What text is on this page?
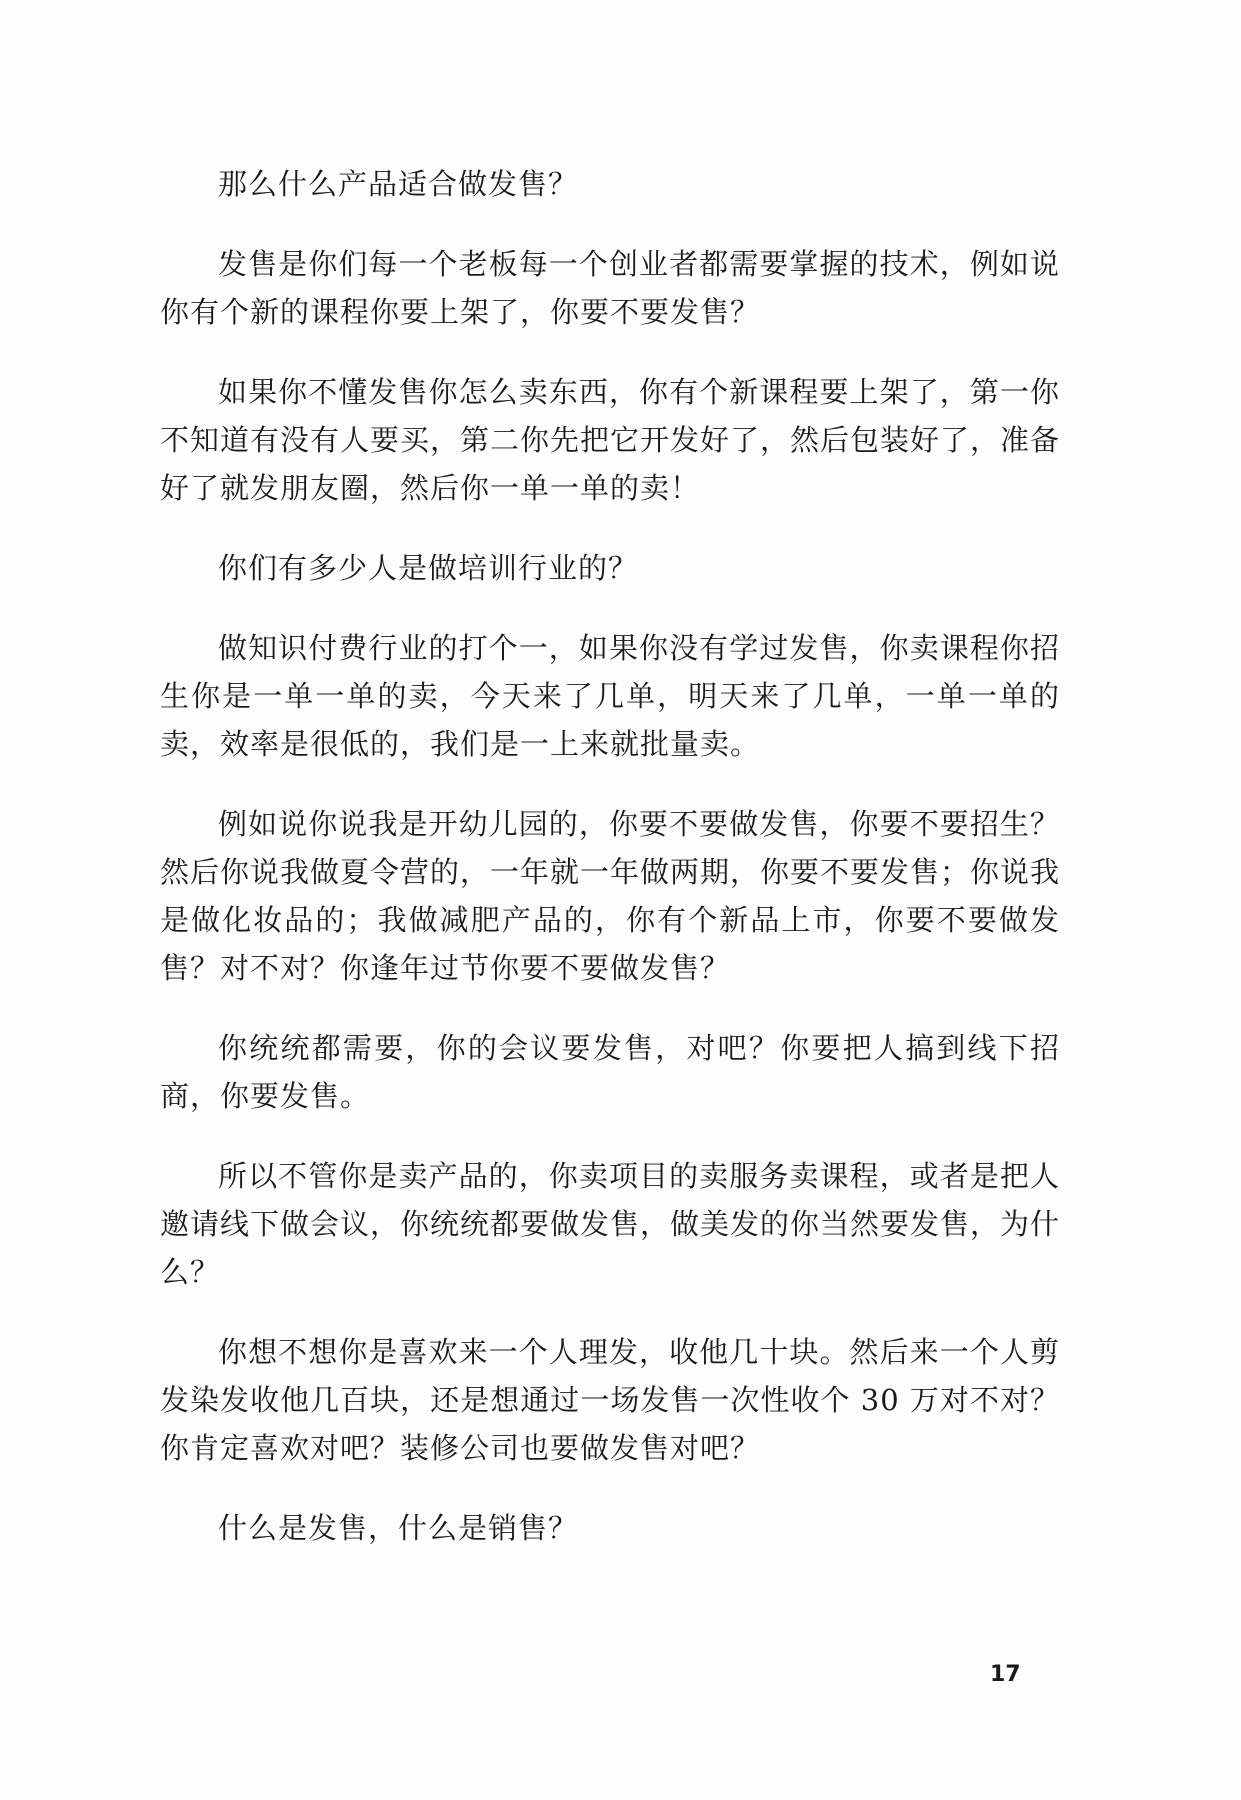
那么什么产品适合做发售？

发售是你们每一个老板每一个创业者都需要掌握的技术，例如说你有个新的课程你要上架了，你要不要发售？

如果你不懂发售你怎么卖东西，你有个新课程要上架了，第一你不知道有没有人要买，第二你先把它开发好了，然后包装好了，准备好了就发朋友圈，然后你一单一单的卖！

你们有多少人是做培训行业的？

做知识付费行业的打个一，如果你没有学过发售，你卖课程你招生你是一单一单的卖，今天来了几单，明天来了几单，一单一单的卖，效率是很低的，我们是一上来就批量卖。

例如说你说我是开幼儿园的，你要不要做发售，你要不要招生？然后你说我做夏令营的，一年就一年做两期，你要不要发售；你说我是做化妆品的；我做减肥产品的，你有个新品上市，你要不要做发售？对不对？你逢年过节你要不要做发售？

你统统都需要，你的会议要发售，对吧？你要把人搞到线下招商，你要发售。

所以不管你是卖产品的，你卖项目的卖服务卖课程，或者是把人邀请线下做会议，你统统都要做发售，做美发的你当然要发售，为什么？

你想不想你是喜欢来一个人理发，收他几十块。然后来一个人剪发染发收他几百块，还是想通过一场发售一次性收个 30 万对不对？你肯定喜欢对吧？装修公司也要做发售对吧？

什么是发售，什么是销售？

17
